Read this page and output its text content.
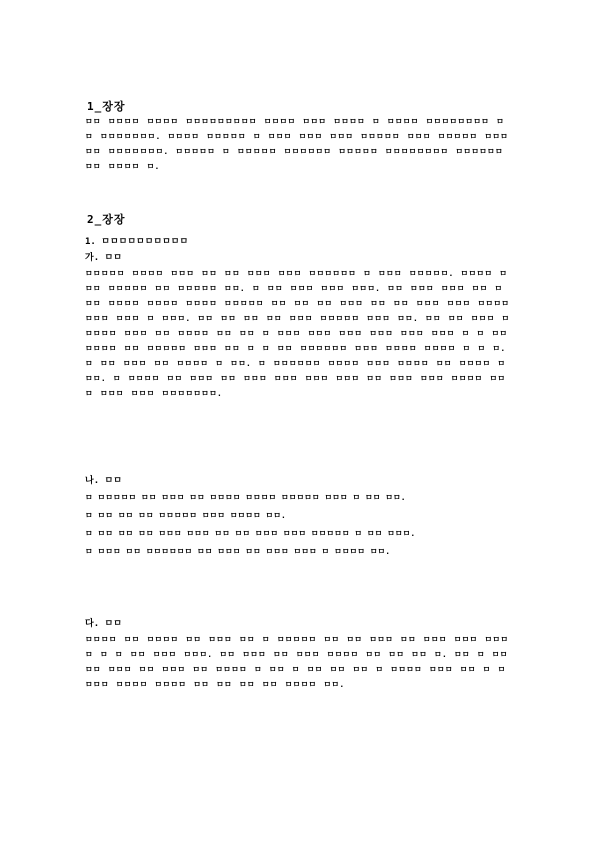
1_장장
ㅁㅁ ㅁㅁㅁㅁ ㅁㅁㅁㅁ ㅁㅁㅁㅁㅁㅁㅁㅁㅁ ㅁㅁㅁㅁ ㅁㅁㅁ ㅁㅁㅁㅁ ㅁ ㅁㅁㅁㅁ ㅁㅁㅁㅁㅁㅁㅁㅁ ㅁㅁ ㅁㅁㅁㅁㅁㅁㅁ. ㅁㅁㅁㅁ ㅁㅁㅁㅁㅁ ㅁ ㅁㅁㅁ ㅁㅁㅁ ㅁㅁㅁ ㅁㅁㅁㅁㅁ ㅁㅁㅁ ㅁㅁㅁㅁㅁ ㅁㅁㅁㅁㅁ ㅁㅁㅁㅁㅁㅁㅁ. ㅁㅁㅁㅁㅁ ㅁ ㅁㅁㅁㅁㅁ ㅁㅁㅁㅁㅁㅁ ㅁㅁㅁㅁㅁ ㅁㅁㅁㅁㅁㅁㅁㅁ ㅁㅁㅁㅁㅁㅁㅁㅁ ㅁㅁㅁㅁ ㅁ.
2_장장
1. ㅁㅁㅁㅁㅁㅁㅁㅁㅁㅁ
가. ㅁㅁ
ㅁㅁㅁㅁㅁ ㅁㅁㅁㅁ ㅁㅁㅁ ㅁㅁ ㅁㅁ ㅁㅁㅁ ㅁㅁㅁ ㅁㅁㅁㅁㅁㅁ ㅁ ㅁㅁㅁ ㅁㅁㅁㅁㅁ. ㅁㅁㅁㅁ ㅁㅁㅁ ㅁㅁㅁㅁㅁ ㅁㅁ ㅁㅁㅁㅁㅁ ㅁㅁ. ㅁ ㅁㅁ ㅁㅁㅁ ㅁㅁㅁ ㅁㅁㅁ. ㅁㅁ ㅁㅁㅁ ㅁㅁㅁ ㅁㅁ ㅁㅁㅁ ㅁㅁㅁㅁ ㅁㅁㅁㅁ ㅁㅁㅁㅁ ㅁㅁㅁㅁㅁ ㅁㅁ ㅁㅁ ㅁㅁ ㅁㅁㅁ ㅁㅁ ㅁㅁ ㅁㅁㅁ ㅁㅁㅁ ㅁㅁㅁㅁ ㅁㅁㅁ ㅁㅁㅁ ㅁ ㅁㅁㅁ. ㅁㅁ ㅁㅁ ㅁㅁ ㅁㅁ ㅁㅁㅁ ㅁㅁㅁㅁㅁ ㅁㅁㅁ ㅁㅁ. ㅁㅁ ㅁㅁ ㅁㅁㅁ ㅁㅁㅁㅁㅁ ㅁㅁㅁ ㅁㅁ ㅁㅁㅁㅁ ㅁㅁ ㅁㅁ ㅁ ㅁㅁㅁ ㅁㅁㅁ ㅁㅁㅁ ㅁㅁㅁ ㅁㅁㅁ ㅁㅁㅁ ㅁ ㅁ ㅁㅁ ㅁㅁㅁㅁ ㅁㅁ ㅁㅁㅁㅁㅁ ㅁㅁㅁ ㅁㅁ ㅁ ㅁ ㅁㅁ ㅁㅁㅁㅁㅁㅁ ㅁㅁㅁ ㅁㅁㅁㅁ ㅁㅁㅁㅁ ㅁ ㅁ ㅁ. ㅁ ㅁㅁ ㅁㅁㅁ ㅁㅁ ㅁㅁㅁㅁ ㅁ ㅁㅁ. ㅁ ㅁㅁㅁㅁㅁㅁ ㅁㅁㅁㅁ ㅁㅁㅁ ㅁㅁㅁㅁ ㅁㅁ ㅁㅁㅁㅁ ㅁㅁㅁ. ㅁ ㅁㅁㅁㅁ ㅁㅁ ㅁㅁㅁ ㅁㅁ ㅁㅁㅁ ㅁㅁㅁ ㅁㅁㅁ ㅁㅁㅁ ㅁㅁ ㅁㅁㅁ ㅁㅁㅁ ㅁㅁㅁㅁ ㅁㅁㅁ ㅁㅁㅁ ㅁㅁㅁ ㅁㅁㅁㅁㅁㅁㅁ.
나. ㅁㅁ
ㅁ ㅁㅁㅁㅁㅁ ㅁㅁ ㅁㅁㅁ ㅁㅁ ㅁㅁㅁㅁ ㅁㅁㅁㅁ ㅁㅁㅁㅁㅁ ㅁㅁㅁ ㅁ ㅁㅁ ㅁㅁ.
ㅁ ㅁㅁ ㅁㅁ ㅁㅁ ㅁㅁㅁㅁㅁ ㅁㅁㅁ ㅁㅁㅁㅁ ㅁㅁ.
ㅁ ㅁㅁ ㅁㅁ ㅁㅁ ㅁㅁㅁ ㅁㅁㅁ ㅁㅁ ㅁㅁ ㅁㅁㅁ ㅁㅁㅁ ㅁㅁㅁㅁㅁ ㅁ ㅁㅁ ㅁㅁㅁ.
ㅁ ㅁㅁㅁ ㅁㅁ ㅁㅁㅁㅁㅁㅁ ㅁㅁ ㅁㅁㅁ ㅁㅁ ㅁㅁㅁ ㅁㅁㅁ ㅁ ㅁㅁㅁㅁ ㅁㅁ.
다. ㅁㅁ
ㅁㅁㅁㅁ ㅁㅁ ㅁㅁㅁㅁ ㅁㅁ ㅁㅁㅁ ㅁㅁ ㅁ ㅁㅁㅁㅁㅁ ㅁㅁ ㅁㅁ ㅁㅁㅁ ㅁㅁ ㅁㅁㅁ ㅁㅁㅁ ㅁㅁㅁㅁ ㅁ ㅁ ㅁㅁ ㅁㅁㅁ ㅁㅁㅁ. ㅁㅁ ㅁㅁㅁ ㅁㅁ ㅁㅁㅁ ㅁㅁㅁㅁ ㅁㅁ ㅁㅁ ㅁㅁ ㅁ. ㅁㅁ ㅁ ㅁㅁ ㅁㅁ ㅁㅁㅁ ㅁㅁ ㅁㅁㅁ ㅁㅁ ㅁㅁㅁㅁ ㅁ ㅁㅁ ㅁ ㅁㅁ ㅁㅁ ㅁㅁ ㅁ ㅁㅁㅁㅁ ㅁㅁㅁ ㅁㅁ ㅁ ㅁㅁㅁㅁ ㅁㅁㅁㅁ ㅁㅁㅁㅁ ㅁㅁ ㅁㅁ ㅁㅁ ㅁㅁ ㅁㅁㅁㅁ ㅁㅁ.
